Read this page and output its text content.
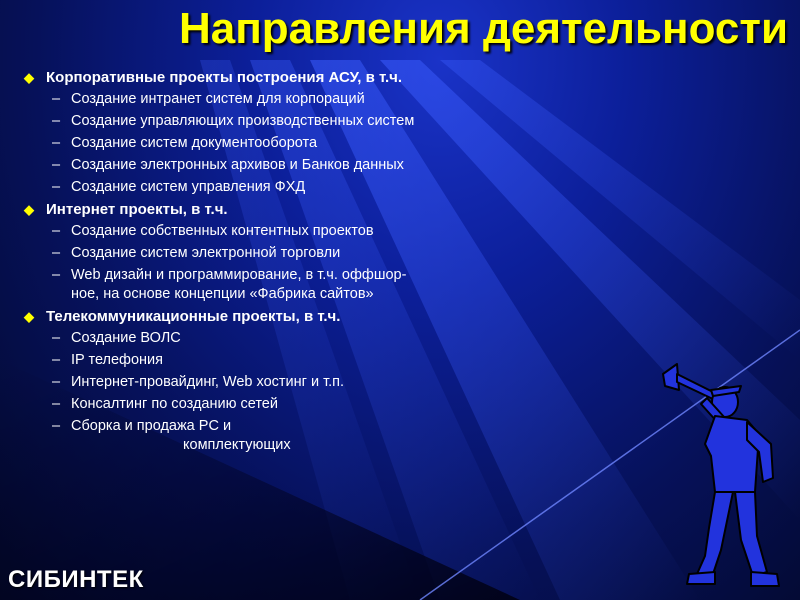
Направления деятельности
◆ Корпоративные проекты построения АСУ, в т.ч.
– Создание интранет систем для корпораций
– Создание управляющих производственных систем
– Создание систем документооборота
– Создание электронных архивов и Банков данных
– Создание систем управления ФХД
◆ Интернет проекты, в т.ч.
– Создание собственных контентных проектов
– Создание систем электронной торговли
– Web дизайн и программирование, в т.ч. оффшор-
ное, на основе концепции «Фабрика сайтов»
◆ Телекоммуникационные проекты, в т.ч.
– Создание ВОЛС
– IP телефония
– Интернет-провайдинг, Web хостинг и т.п.
– Консалтинг по созданию сетей
– Сборка и продажа PC и
комплектующих
СИБИНТЕК
